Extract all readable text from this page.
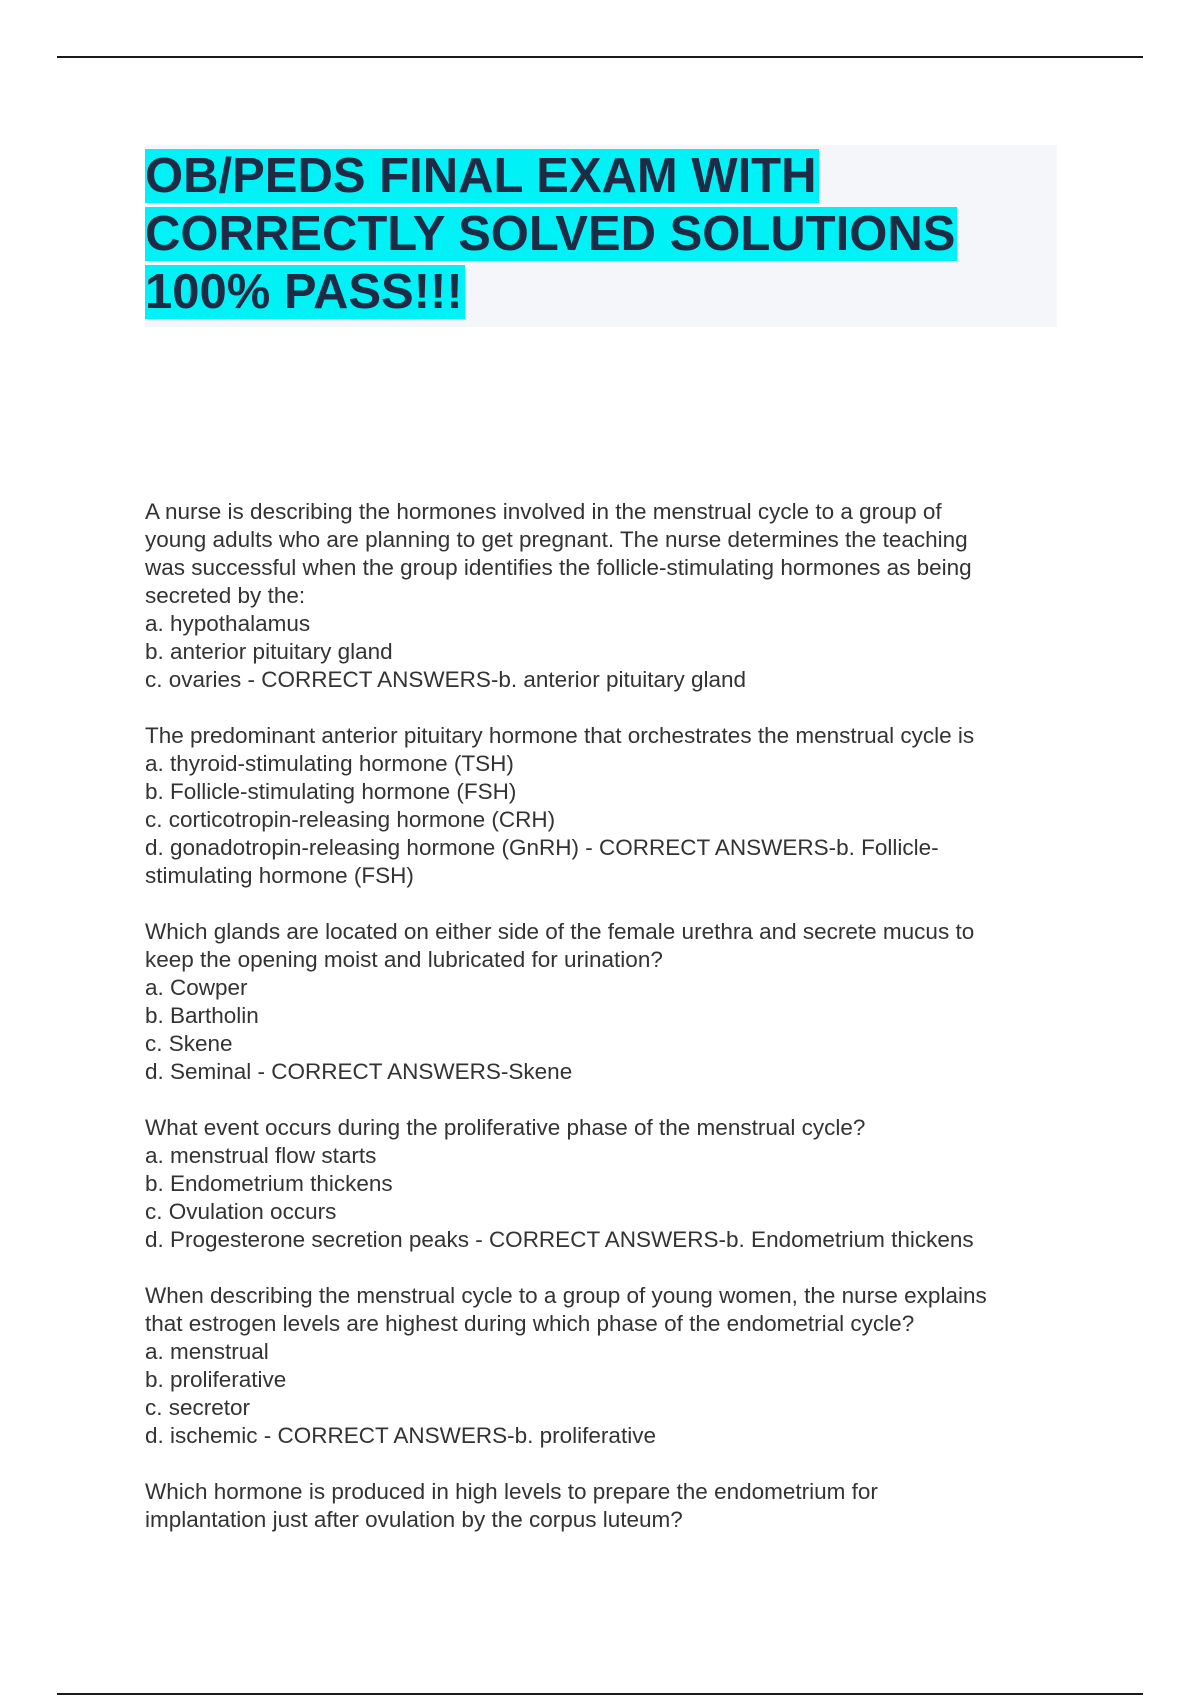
OB/PEDS FINAL EXAM WITH
CORRECTLY SOLVED SOLUTIONS
100% PASS!!!
A nurse is describing the hormones involved in the menstrual cycle to a group of
young adults who are planning to get pregnant. The nurse determines the teaching
was successful when the group identifies the follicle-stimulating hormones as being
secreted by the:
a. hypothalamus
b. anterior pituitary gland
c. ovaries - CORRECT ANSWERS-b. anterior pituitary gland
The predominant anterior pituitary hormone that orchestrates the menstrual cycle is
a. thyroid-stimulating hormone (TSH)
b. Follicle-stimulating hormone (FSH)
c. corticotropin-releasing hormone (CRH)
d. gonadotropin-releasing hormone (GnRH) - CORRECT ANSWERS-b. Follicle-
stimulating hormone (FSH)
Which glands are located on either side of the female urethra and secrete mucus to
keep the opening moist and lubricated for urination?
a. Cowper
b. Bartholin
c. Skene
d. Seminal - CORRECT ANSWERS-Skene
What event occurs during the proliferative phase of the menstrual cycle?
a. menstrual flow starts
b. Endometrium thickens
c. Ovulation occurs
d. Progesterone secretion peaks - CORRECT ANSWERS-b. Endometrium thickens
When describing the menstrual cycle to a group of young women, the nurse explains
that estrogen levels are highest during which phase of the endometrial cycle?
a. menstrual
b. proliferative
c. secretor
d. ischemic - CORRECT ANSWERS-b. proliferative
Which hormone is produced in high levels to prepare the endometrium for
implantation just after ovulation by the corpus luteum?
